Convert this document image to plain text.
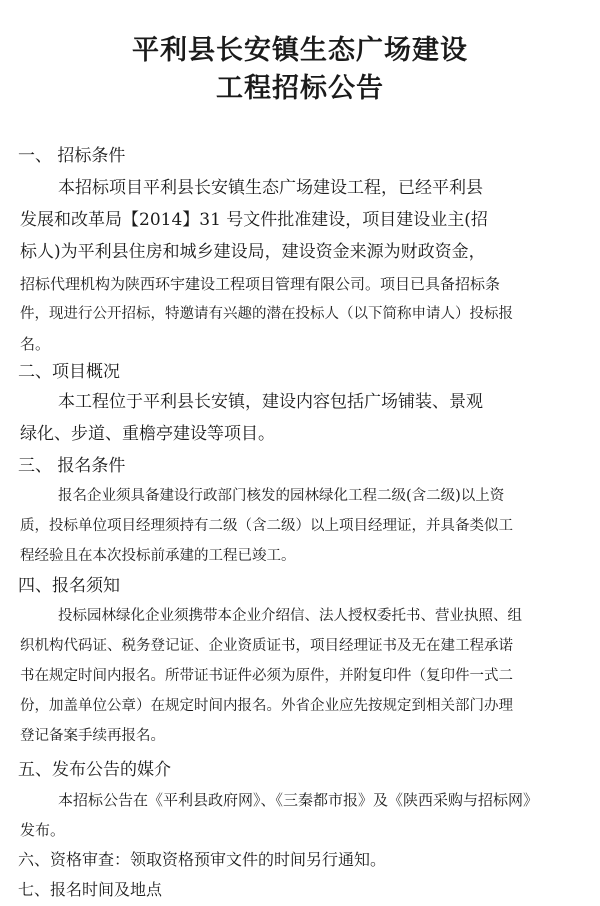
平利县长安镇生态广场建设
工程招标公告
一、 招标条件
本招标项目平利县长安镇生态广场建设工程，已经平利县
发展和改革局【2014】31 号文件批准建设，项目建设业主(招
标人)为平利县住房和城乡建设局，建设资金来源为财政资金，
招标代理机构为陕西环宇建设工程项目管理有限公司。项目已具备招标条
件，现进行公开招标，特邀请有兴趣的潜在投标人（以下简称申请人）投标报
名。
二、项目概况
本工程位于平利县长安镇，建设内容包括广场铺装、景观
绿化、步道、重檐亭建设等项目。
三、 报名条件
报名企业须具备建设行政部门核发的园林绿化工程二级(含二级)以上资
质，投标单位项目经理须持有二级（含二级）以上项目经理证，并具备类似工
程经验且在本次投标前承建的工程已竣工。
四、报名须知
投标园林绿化企业须携带本企业介绍信、法人授权委托书、营业执照、组
织机构代码证、税务登记证、企业资质证书，项目经理证书及无在建工程承诺
书在规定时间内报名。所带证书证件必须为原件，并附复印件（复印件一式二
份，加盖单位公章）在规定时间内报名。外省企业应先按规定到相关部门办理
登记备案手续再报名。
五、发布公告的媒介
本招标公告在《平利县政府网》、《三秦都市报》及《陕西采购与招标网》
发布。
六、资格审查：领取资格预审文件的时间另行通知。
七、报名时间及地点
